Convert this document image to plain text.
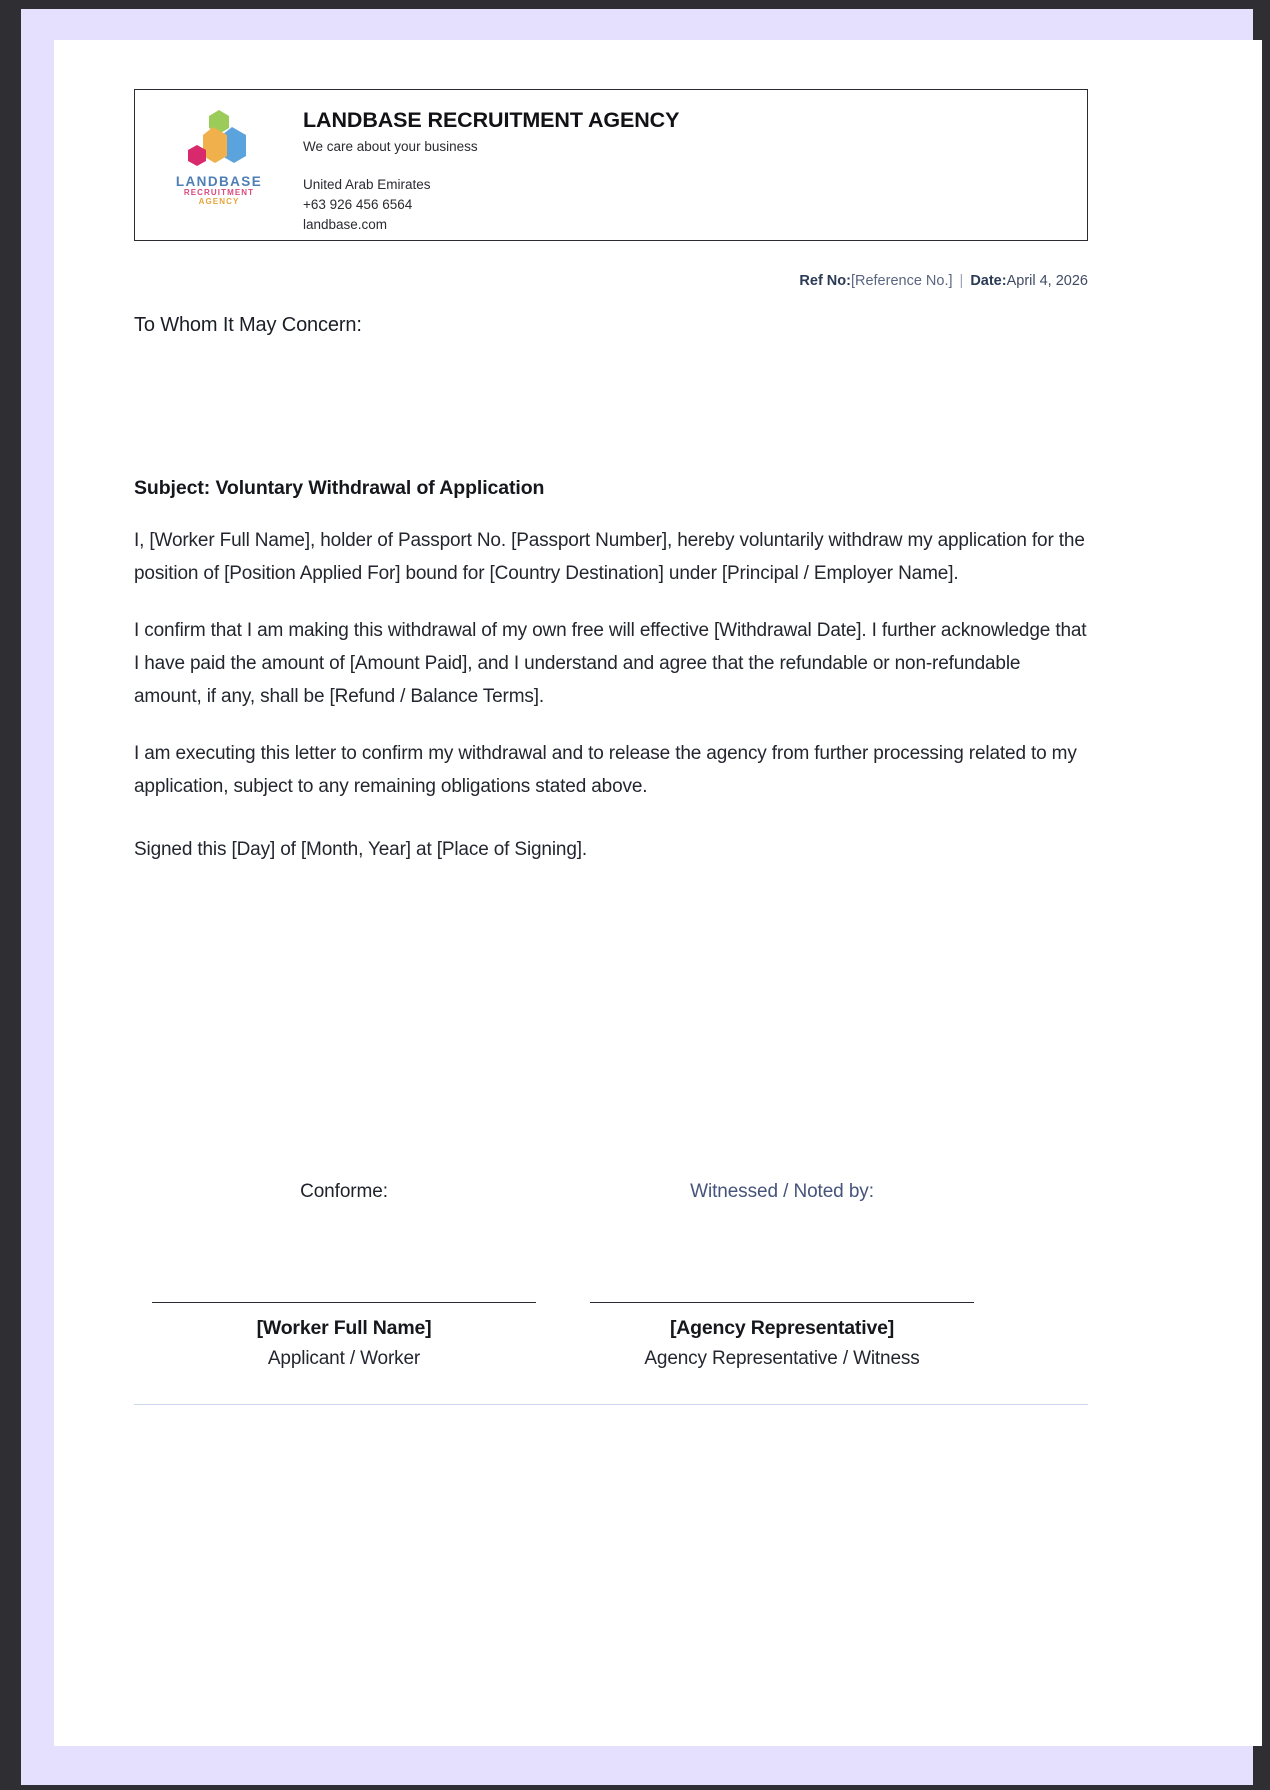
LANDBASE
RECRUITMENT
AGENCY
LANDBASE RECRUITMENT AGENCY
We care about your business
United Arab Emirates
+63 926 456 6564
landbase.com
Ref No:[Reference No.] | Date:April 4, 2026
To Whom It May Concern:
Subject: Voluntary Withdrawal of Application
I, [Worker Full Name], holder of Passport No. [Passport Number], hereby voluntarily withdraw my application for the position of [Position Applied For] bound for [Country Destination] under [Principal / Employer Name].
I confirm that I am making this withdrawal of my own free will effective [Withdrawal Date]. I further acknowledge that I have paid the amount of [Amount Paid], and I understand and agree that the refundable or non-refundable amount, if any, shall be [Refund / Balance Terms].
I am executing this letter to confirm my withdrawal and to release the agency from further processing related to my application, subject to any remaining obligations stated above.
Signed this [Day] of [Month, Year] at [Place of Signing].
Conforme:
[Worker Full Name]
Applicant / Worker
Witnessed / Noted by:
[Agency Representative]
Agency Representative / Witness
